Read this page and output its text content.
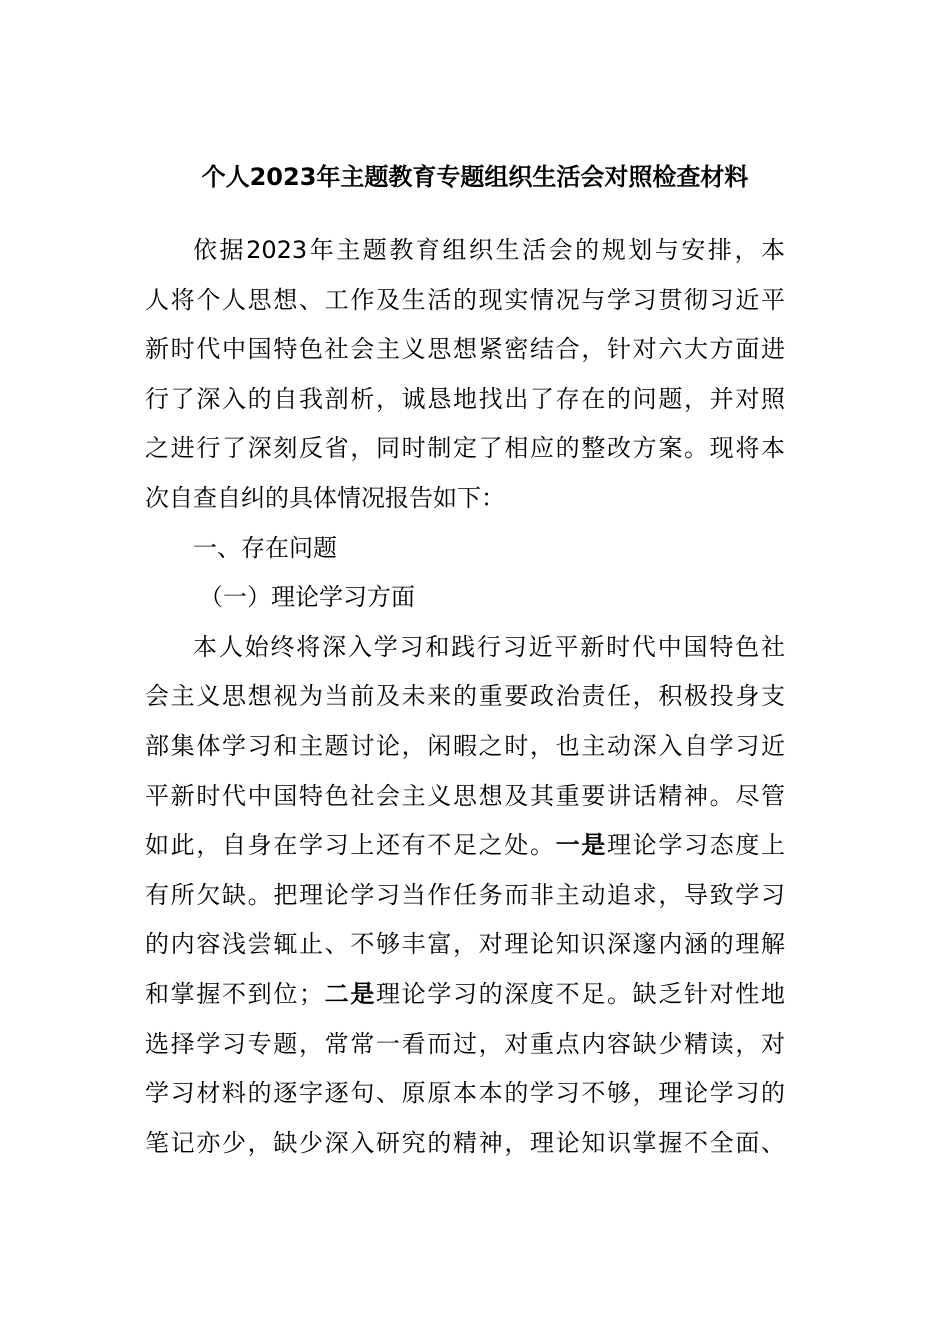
个人2023年主题教育专题组织生活会对照检查材料
依据2023年主题教育组织生活会的规划与安排，本
人将个人思想、工作及生活的现实情况与学习贯彻习近平
新时代中国特色社会主义思想紧密结合，针对六大方面进
行了深入的自我剖析，诚恳地找出了存在的问题，并对照
之进行了深刻反省，同时制定了相应的整改方案。现将本
次自查自纠的具体情况报告如下：
一、存在问题
（一）理论学习方面
本人始终将深入学习和践行习近平新时代中国特色社
会主义思想视为当前及未来的重要政治责任，积极投身支
部集体学习和主题讨论，闲暇之时，也主动深入自学习近
平新时代中国特色社会主义思想及其重要讲话精神。尽管
如此，自身在学习上还有不足之处。一是理论学习态度上
有所欠缺。把理论学习当作任务而非主动追求，导致学习
的内容浅尝辄止、不够丰富，对理论知识深邃内涵的理解
和掌握不到位；二是理论学习的深度不足。缺乏针对性地
选择学习专题，常常一看而过，对重点内容缺少精读，对
学习材料的逐字逐句、原原本本的学习不够，理论学习的
笔记亦少，缺少深入研究的精神，理论知识掌握不全面、
